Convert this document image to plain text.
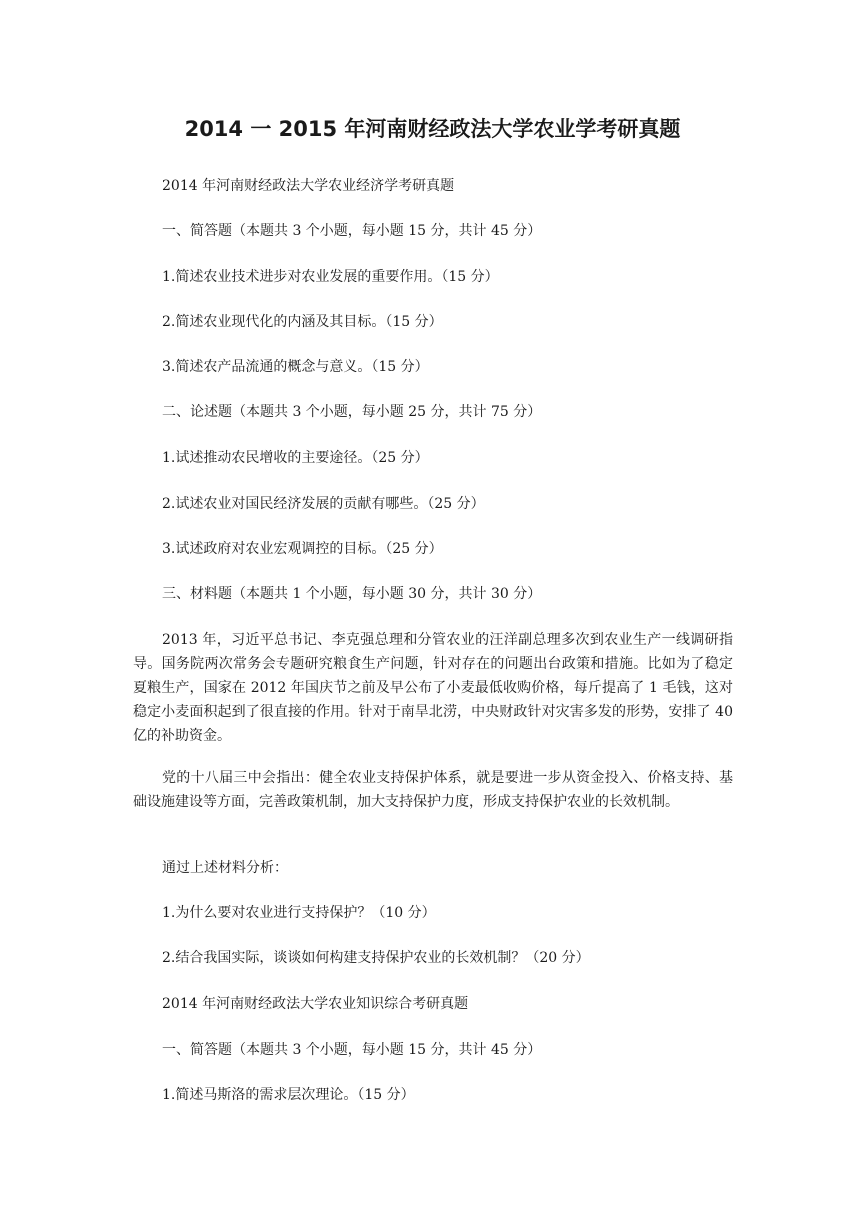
2014 一 2015 年河南财经政法大学农业学考研真题

2014 年河南财经政法大学农业经济学考研真题

一、简答题（本题共 3 个小题，每小题 15 分，共计 45 分）

1.简述农业技术进步对农业发展的重要作用。（15 分）

2.简述农业现代化的内涵及其目标。（15 分）

3.简述农产品流通的概念与意义。（15 分）

二、论述题（本题共 3 个小题，每小题 25 分，共计 75 分）

1.试述推动农民增收的主要途径。（25 分）

2.试述农业对国民经济发展的贡献有哪些。（25 分）

3.试述政府对农业宏观调控的目标。（25 分）

三、材料题（本题共 1 个小题，每小题 30 分，共计 30 分）

2013 年，习近平总书记、李克强总理和分管农业的汪洋副总理多次到农业生产一线调研指导。国务院两次常务会专题研究粮食生产问题，针对存在的问题出台政策和措施。比如为了稳定夏粮生产，国家在 2012 年国庆节之前及早公布了小麦最低收购价格，每斤提高了 1 毛钱，这对稳定小麦面积起到了很直接的作用。针对于南旱北涝，中央财政针对灾害多发的形势，安排了 40 亿的补助资金。

党的十八届三中会指出：健全农业支持保护体系，就是要进一步从资金投入、价格支持、基础设施建设等方面，完善政策机制，加大支持保护力度，形成支持保护农业的长效机制。

通过上述材料分析：

1.为什么要对农业进行支持保护？（10 分）

2.结合我国实际，谈谈如何构建支持保护农业的长效机制？（20 分）

2014 年河南财经政法大学农业知识综合考研真题

一、简答题（本题共 3 个小题，每小题 15 分，共计 45 分）

1.简述马斯洛的需求层次理论。（15 分）
